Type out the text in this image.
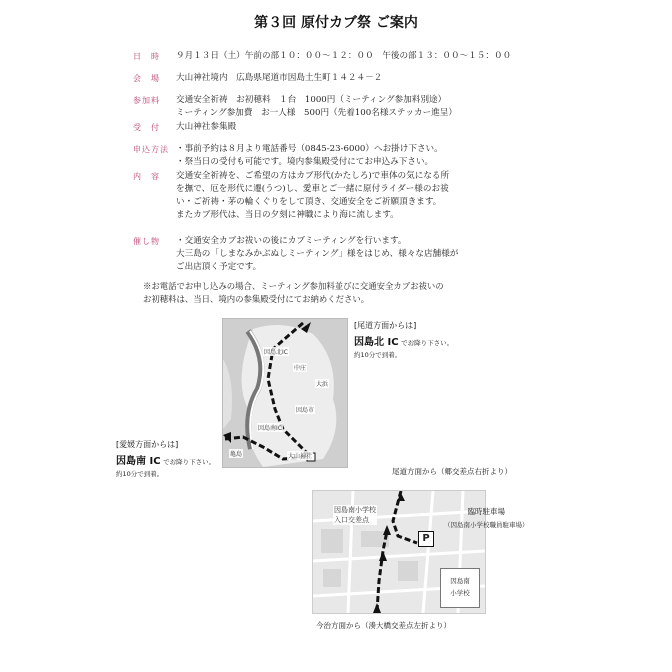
第３回 原付カブ祭 ご案内
日　時 ９月１３日（土）午前の部１０：００～１２：００　午後の部１３：００～１５：００
会　場 大山神社境内　広島県尾道市因島土生町１４２４－２
参加料 交通安全祈祷　お初穂料　１台　1000円（ミーティング参加料別途）
ミーティング参加費　お一人様　500円（先着100名様ステッカー進呈）
受　付 大山神社参集殿
申込方法 ・事前予約は８月より電話番号（0845-23-6000）へお掛け下さい。
・祭当日の受付も可能です。境内参集殿受付にてお申込み下さい。
内　容 交通安全祈祷を、ご希望の方はカブ形代(かたしろ)で車体の気になる所
を撫で、厄を形代に遷(うつ)し、愛車とご一緒に原付ライダー様のお祓
い・ご祈祷・茅の輪くぐりをして頂き、交通安全をご祈願頂きます。
またカブ形代は、当日の夕刻に神職により海に流します。
催し物 ・交通安全カブお祓いの後にカブミーティングを行います。
大三島の「しまなみかぶぬしミーティング」様をはじめ、様々な店舗様が
ご出店頂く予定です。
※お電話でお申し込みの場合、ミーティング参加料並びに交通安全カブお祓いの
お初穂料は、当日、境内の参集殿受付にてお納めください。
因島北IC
因島市
因島南IC
大山神社
亀島
大浜
中庄
[尾道方面からは]
因島北 IC でお降り下さい。
約10分で到着。
[愛媛方面からは]
因島南 IC でお降り下さい。
約10分で到着。	尾道方面から（郷交差点右折より）
因島南小学校
入口交差点
P
臨時駐車場
（因島南小学校職員駐車場）
因島南
小学校
今治方面から（湊大橋交差点左折より）
